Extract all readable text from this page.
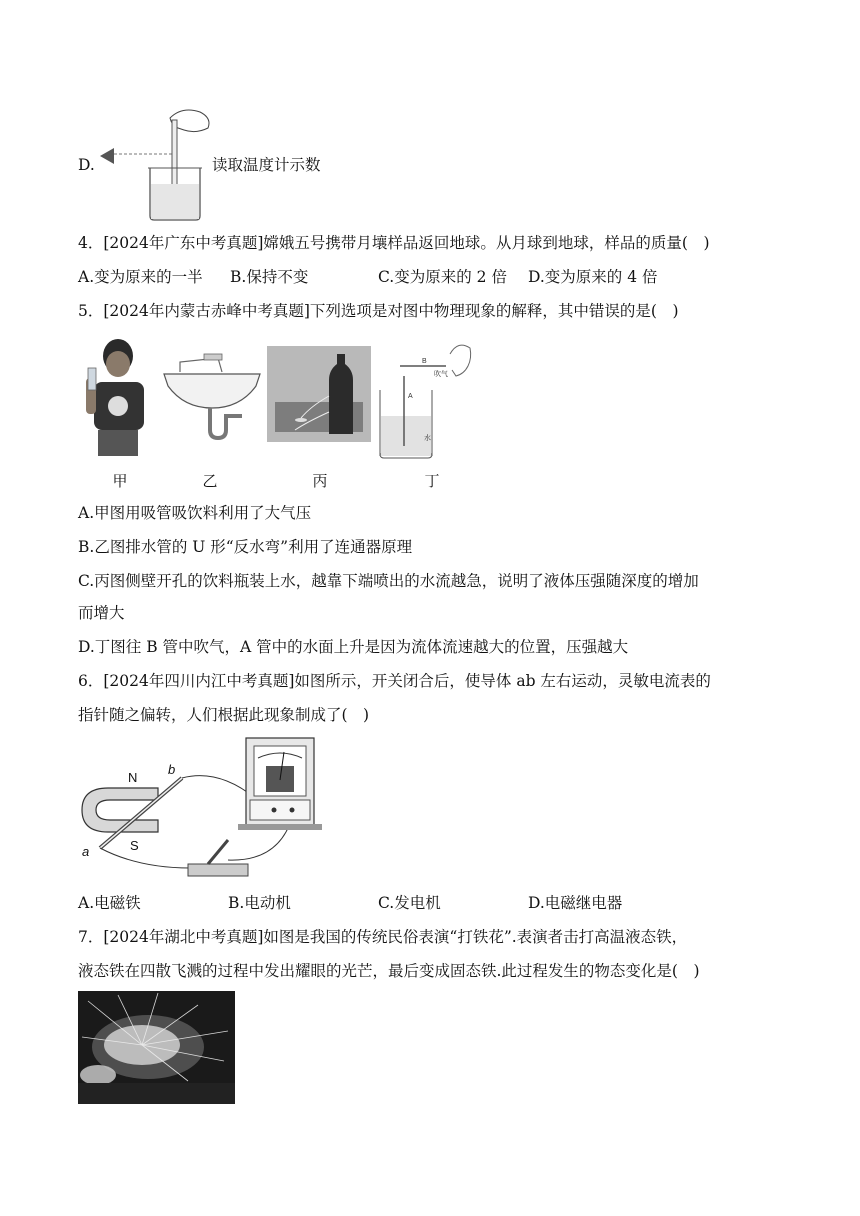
D.	读取温度计示数
4．[2024年广东中考真题]嫦娥五号携带月壤样品返回地球。从月球到地球，样品的质量(　)
A.变为原来的一半 B.保持不变	C.变为原来的 2 倍 D.变为原来的 4 倍
5．[2024年内蒙古赤峰中考真题]下列选项是对图中物理现象的解释，其中错误的是(　)
B
A
吹气
水
甲	乙	丙	丁
A.甲图用吸管吸饮料利用了大气压
B.乙图排水管的 U 形“反水弯”利用了连通器原理
C.丙图侧壁开孔的饮料瓶装上水，越靠下端喷出的水流越急，说明了液体压强随深度的增加
而增大
D.丁图往 B 管中吹气，A 管中的水面上升是因为流体流速越大的位置，压强越大
6．[2024年四川内江中考真题]如图所示，开关闭合后，使导体 ab 左右运动，灵敏电流表的
指针随之偏转，人们根据此现象制成了(　)
N
S
a
b
A.电磁铁	B.电动机	C.发电机	D.电磁继电器
7．[2024年湖北中考真题]如图是我国的传统民俗表演“打铁花”.表演者击打高温液态铁，
液态铁在四散飞溅的过程中发出耀眼的光芒，最后变成固态铁.此过程发生的物态变化是(　)
